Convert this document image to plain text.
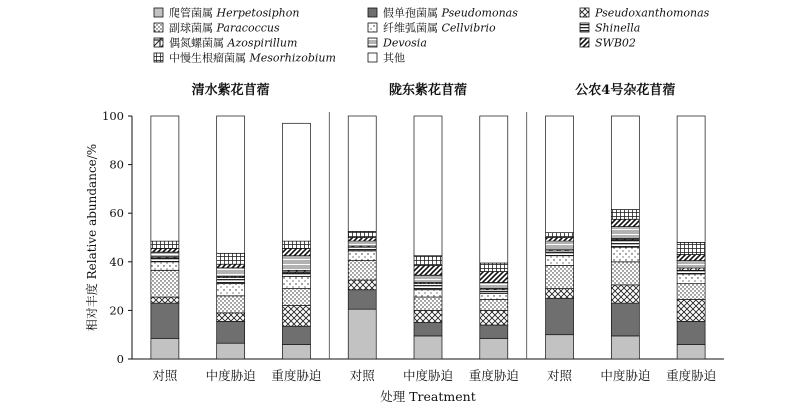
爬管菌属 Herpetosiphon	假单孢菌属 Pseudomonas	Pseudoxanthomonas
副球菌属 Paracoccus	纤维弧菌属 Cellvibrio	Shinella
偶氮螺菌属 Azospirillum	Devosia	SWB02
中慢生根瘤菌属 Mesorhizobium	其他
0
20
40
60
80
100
相对丰度 Relative abundance/%
处理 Treatment
清水紫花苜蓿
对照 中度胁迫 重度胁迫
陇东紫花苜蓿
对照 中度胁迫 重度胁迫
公农4号杂花苜蓿
对照 中度胁迫 重度胁迫
